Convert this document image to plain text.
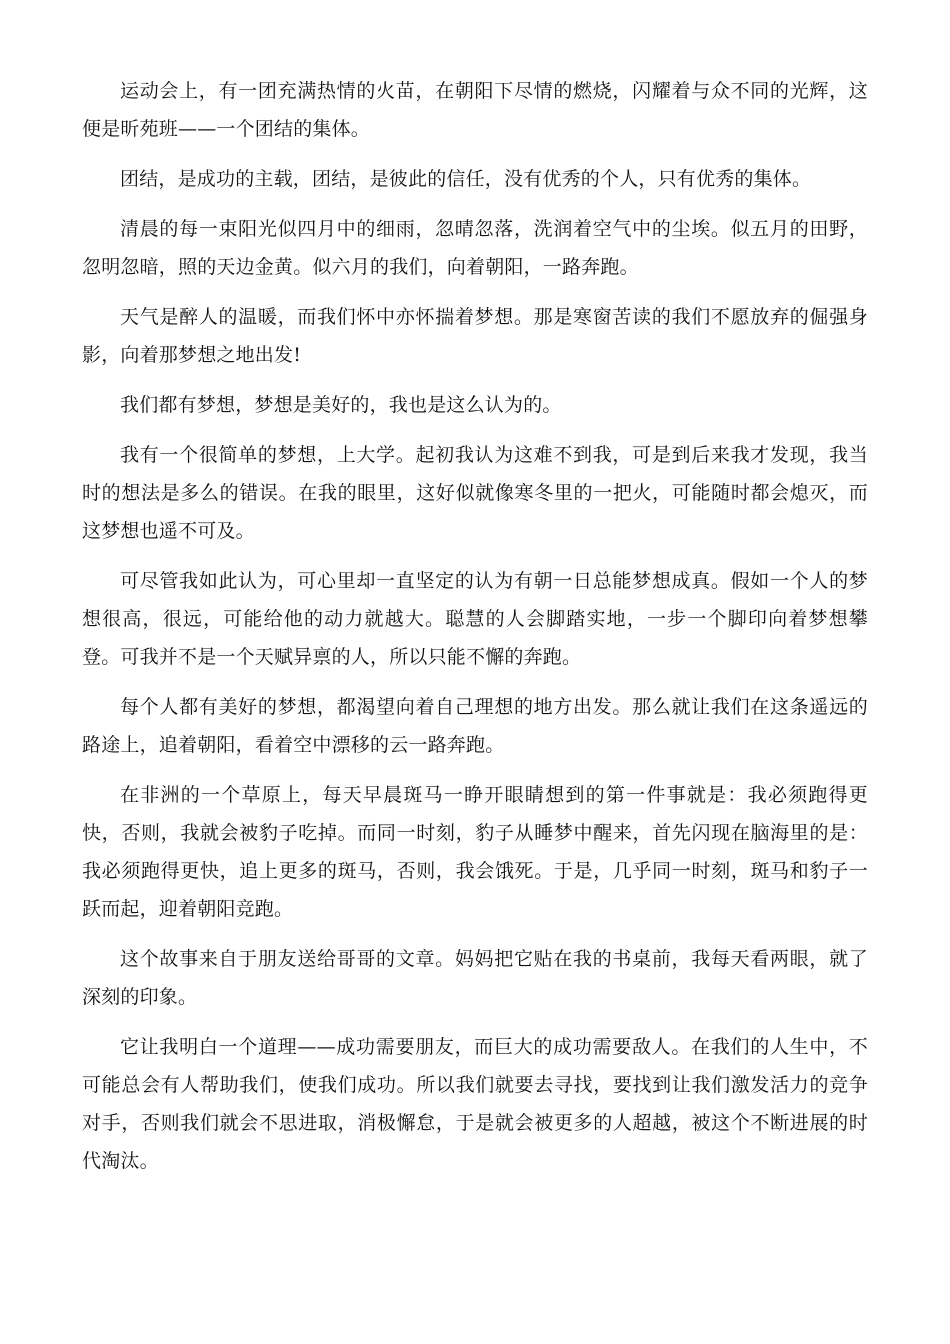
运动会上，有一团充满热情的火苗，在朝阳下尽情的燃烧，闪耀着与众不同的光辉，这便是昕苑班——一个团结的集体。

团结，是成功的主载，团结，是彼此的信任，没有优秀的个人，只有优秀的集体。

清晨的每一束阳光似四月中的细雨，忽晴忽落，洗润着空气中的尘埃。似五月的田野，忽明忽暗，照的天边金黄。似六月的我们，向着朝阳，一路奔跑。

天气是醉人的温暖，而我们怀中亦怀揣着梦想。那是寒窗苦读的我们不愿放弃的倔强身影，向着那梦想之地出发!

我们都有梦想，梦想是美好的，我也是这么认为的。

我有一个很简单的梦想，上大学。起初我认为这难不到我，可是到后来我才发现，我当时的想法是多么的错误。在我的眼里，这好似就像寒冬里的一把火，可能随时都会熄灭，而这梦想也遥不可及。

可尽管我如此认为，可心里却一直坚定的认为有朝一日总能梦想成真。假如一个人的梦想很高，很远，可能给他的动力就越大。聪慧的人会脚踏实地，一步一个脚印向着梦想攀登。可我并不是一个天赋异禀的人，所以只能不懈的奔跑。

每个人都有美好的梦想，都渴望向着自己理想的地方出发。那么就让我们在这条遥远的路途上，追着朝阳，看着空中漂移的云一路奔跑。

在非洲的一个草原上，每天早晨斑马一睁开眼睛想到的第一件事就是：我必须跑得更快，否则，我就会被豹子吃掉。而同一时刻，豹子从睡梦中醒来，首先闪现在脑海里的是：我必须跑得更快，追上更多的斑马，否则，我会饿死。于是，几乎同一时刻，斑马和豹子一跃而起，迎着朝阳竞跑。

这个故事来自于朋友送给哥哥的文章。妈妈把它贴在我的书桌前，我每天看两眼，就了深刻的印象。

它让我明白一个道理——成功需要朋友，而巨大的成功需要敌人。在我们的人生中，不可能总会有人帮助我们，使我们成功。所以我们就要去寻找，要找到让我们激发活力的竞争对手，否则我们就会不思进取，消极懈怠，于是就会被更多的人超越，被这个不断进展的时代淘汰。
